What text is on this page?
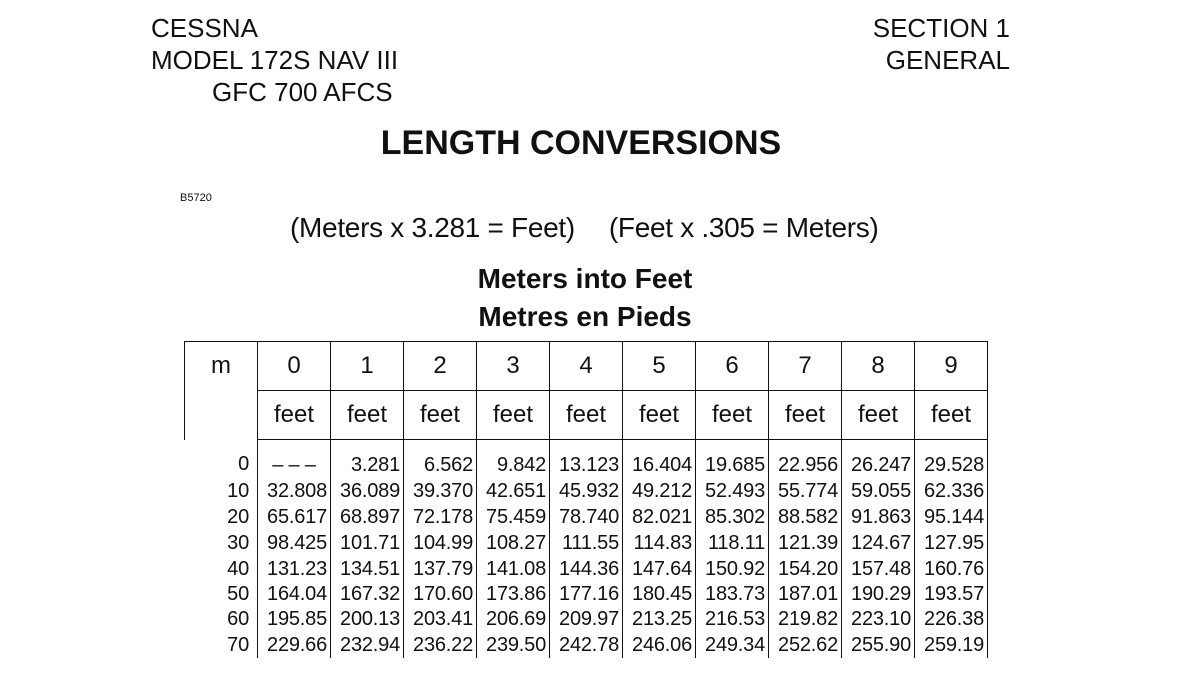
CESSNA
MODEL 172S NAV III
GFC 700 AFCS
SECTION 1
GENERAL
LENGTH CONVERSIONS
B5720
(Meters x 3.281 = Feet) (Feet x .305 = Meters)
Meters into Feet
Metres en Pieds
m	0	1	2	3	4	5	6	7	8	9
	feet	feet	feet	feet	feet	feet	feet	feet	feet	feet
0	– – –	3.281	6.562	9.842	13.123	16.404	19.685	22.956	26.247	29.528
10	32.808	36.089	39.370	42.651	45.932	49.212	52.493	55.774	59.055	62.336
20	65.617	68.897	72.178	75.459	78.740	82.021	85.302	88.582	91.863	95.144
30	98.425	101.71	104.99	108.27	111.55	114.83	118.11	121.39	124.67	127.95
40	131.23	134.51	137.79	141.08	144.36	147.64	150.92	154.20	157.48	160.76
50	164.04	167.32	170.60	173.86	177.16	180.45	183.73	187.01	190.29	193.57
60	195.85	200.13	203.41	206.69	209.97	213.25	216.53	219.82	223.10	226.38
70	229.66	232.94	236.22	239.50	242.78	246.06	249.34	252.62	255.90	259.19
